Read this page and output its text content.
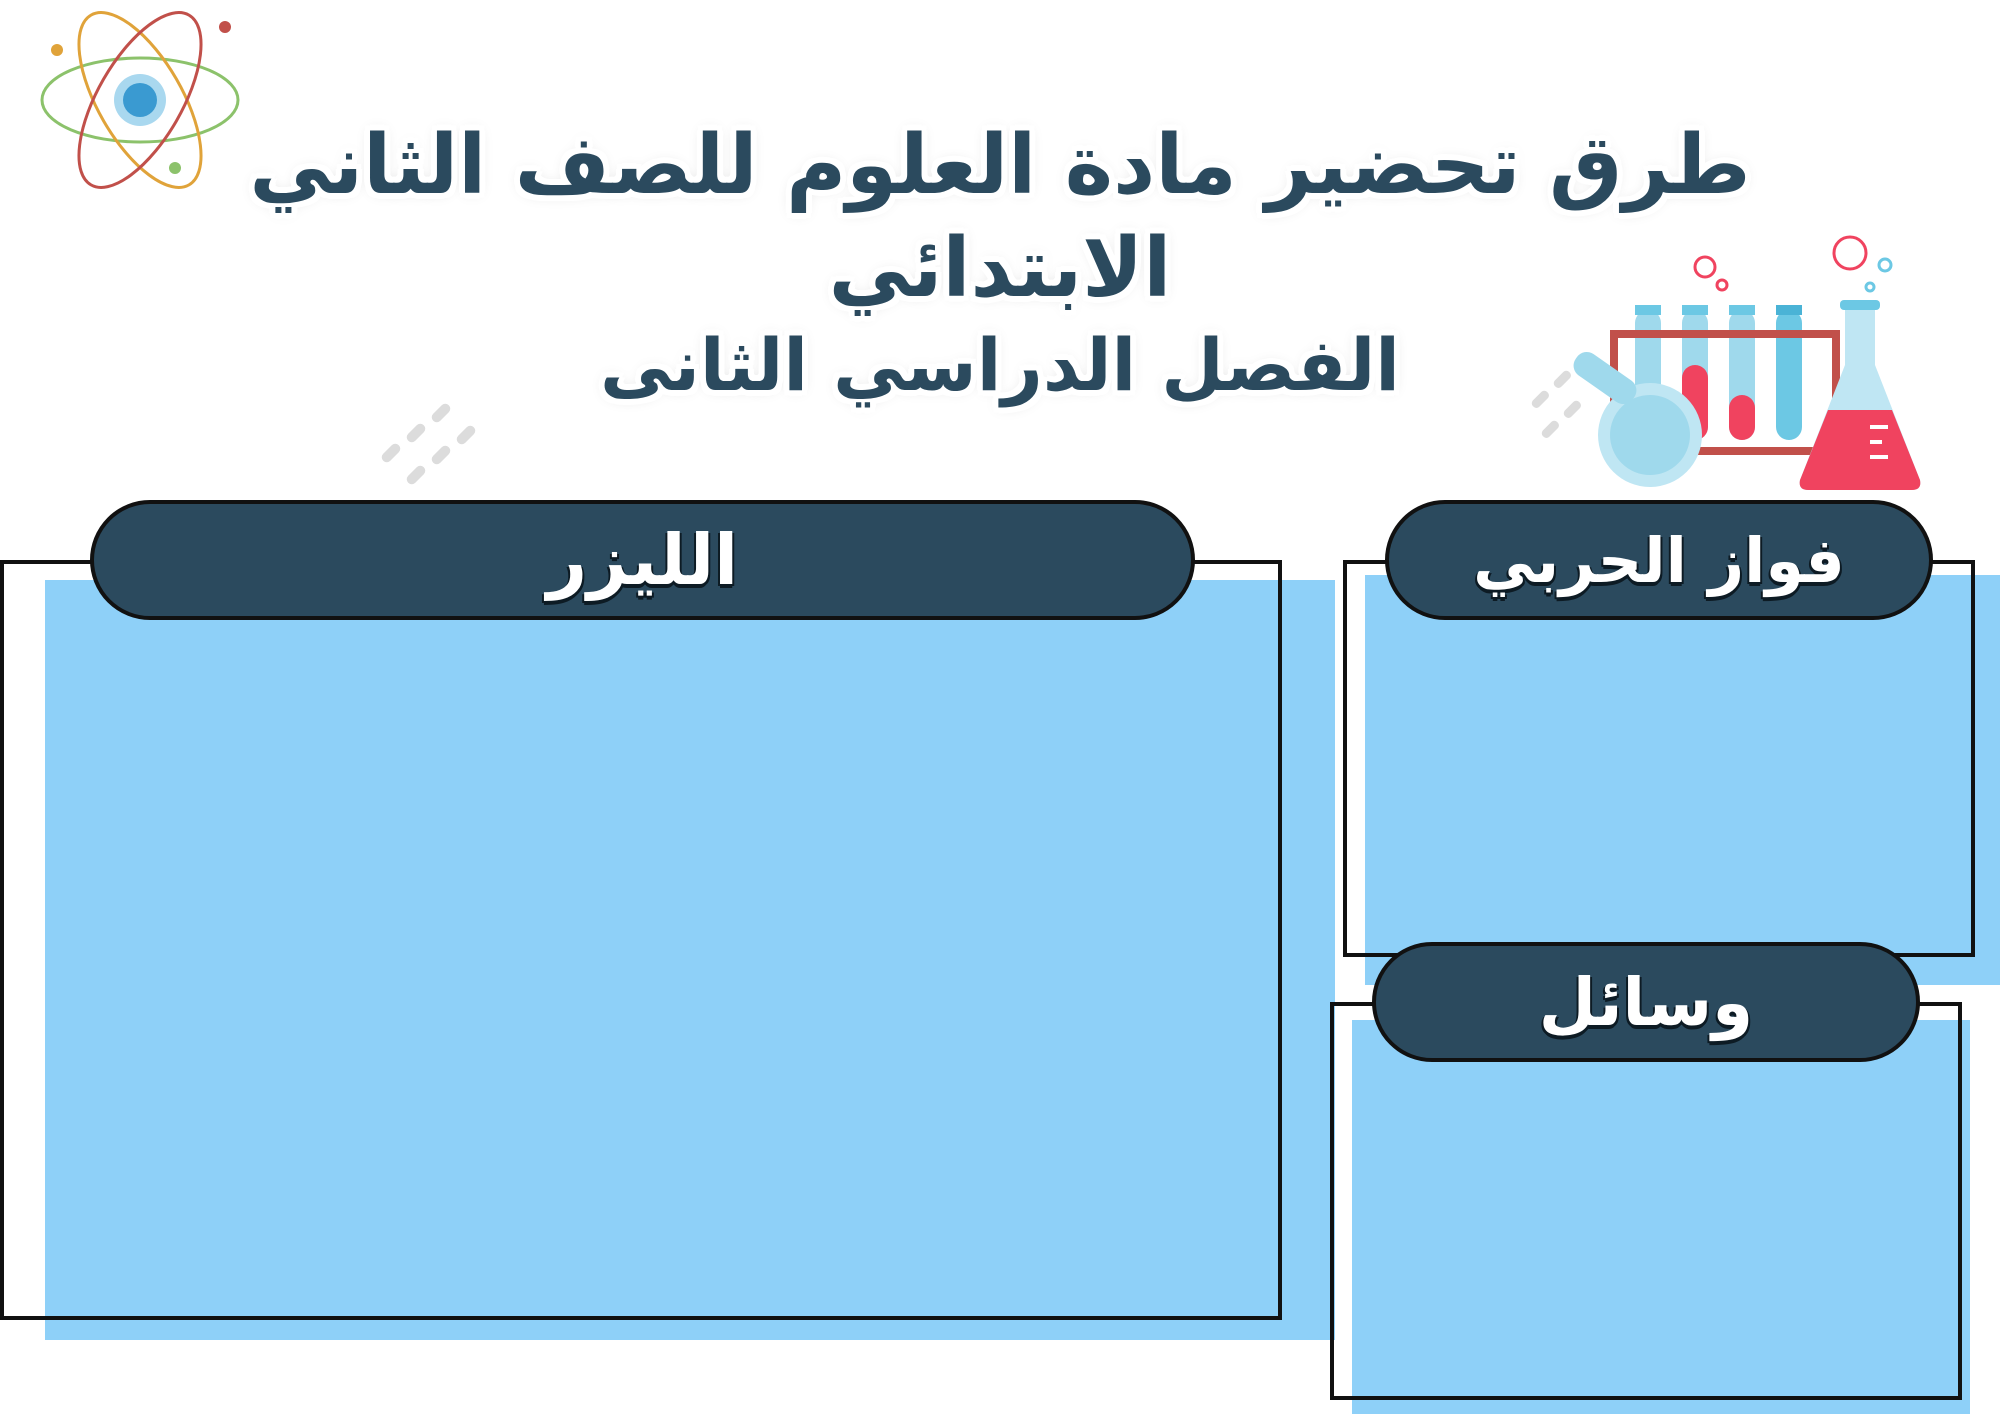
طرق تحضير مادة العلوم للصف الثاني الابتدائي
الفصل الدراسي الثانى
الليزر	فواز الحربي
وسائل
